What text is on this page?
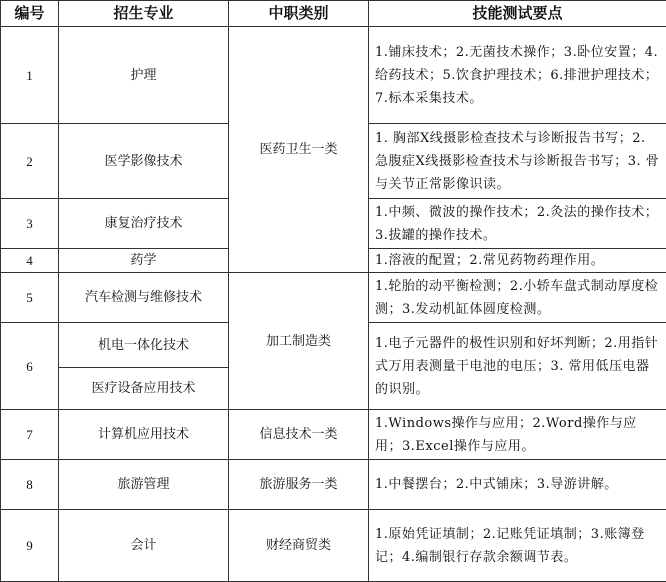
编号	招生专业	中职类别	技能测试要点
1	护理	医药卫生一类	1.铺床技术；2.无菌技术操作；3.卧位安置；4.给药技术；5.饮食护理技术；6.排泄护理技术；7.标本采集技术。
2	医学影像技术		1. 胸部X线摄影检查技术与诊断报告书写；2. 急腹症X线摄影检查技术与诊断报告书写；3. 骨与关节正常影像识读。
3	康复治疗技术		1.中频、微波的操作技术；2.灸法的操作技术；3.拔罐的操作技术。
4	药学		1.溶液的配置；2.常见药物药理作用。
5	汽车检测与维修技术	加工制造类	1.轮胎的动平衡检测；2.小轿车盘式制动厚度检测；3.发动机缸体圆度检测。
6	机电一体化技术		1.电子元器件的极性识别和好坏判断；2.用指针式万用表测量干电池的电压；3. 常用低压电器的识别。
	医疗设备应用技术		
7	计算机应用技术	信息技术一类	1.Windows操作与应用；2.Word操作与应用；3.Excel操作与应用。
8	旅游管理	旅游服务一类	1.中餐摆台；2.中式铺床；3.导游讲解。
9	会计	财经商贸类	1.原始凭证填制；2.记账凭证填制；3.账簿登记；4.编制银行存款余额调节表。
